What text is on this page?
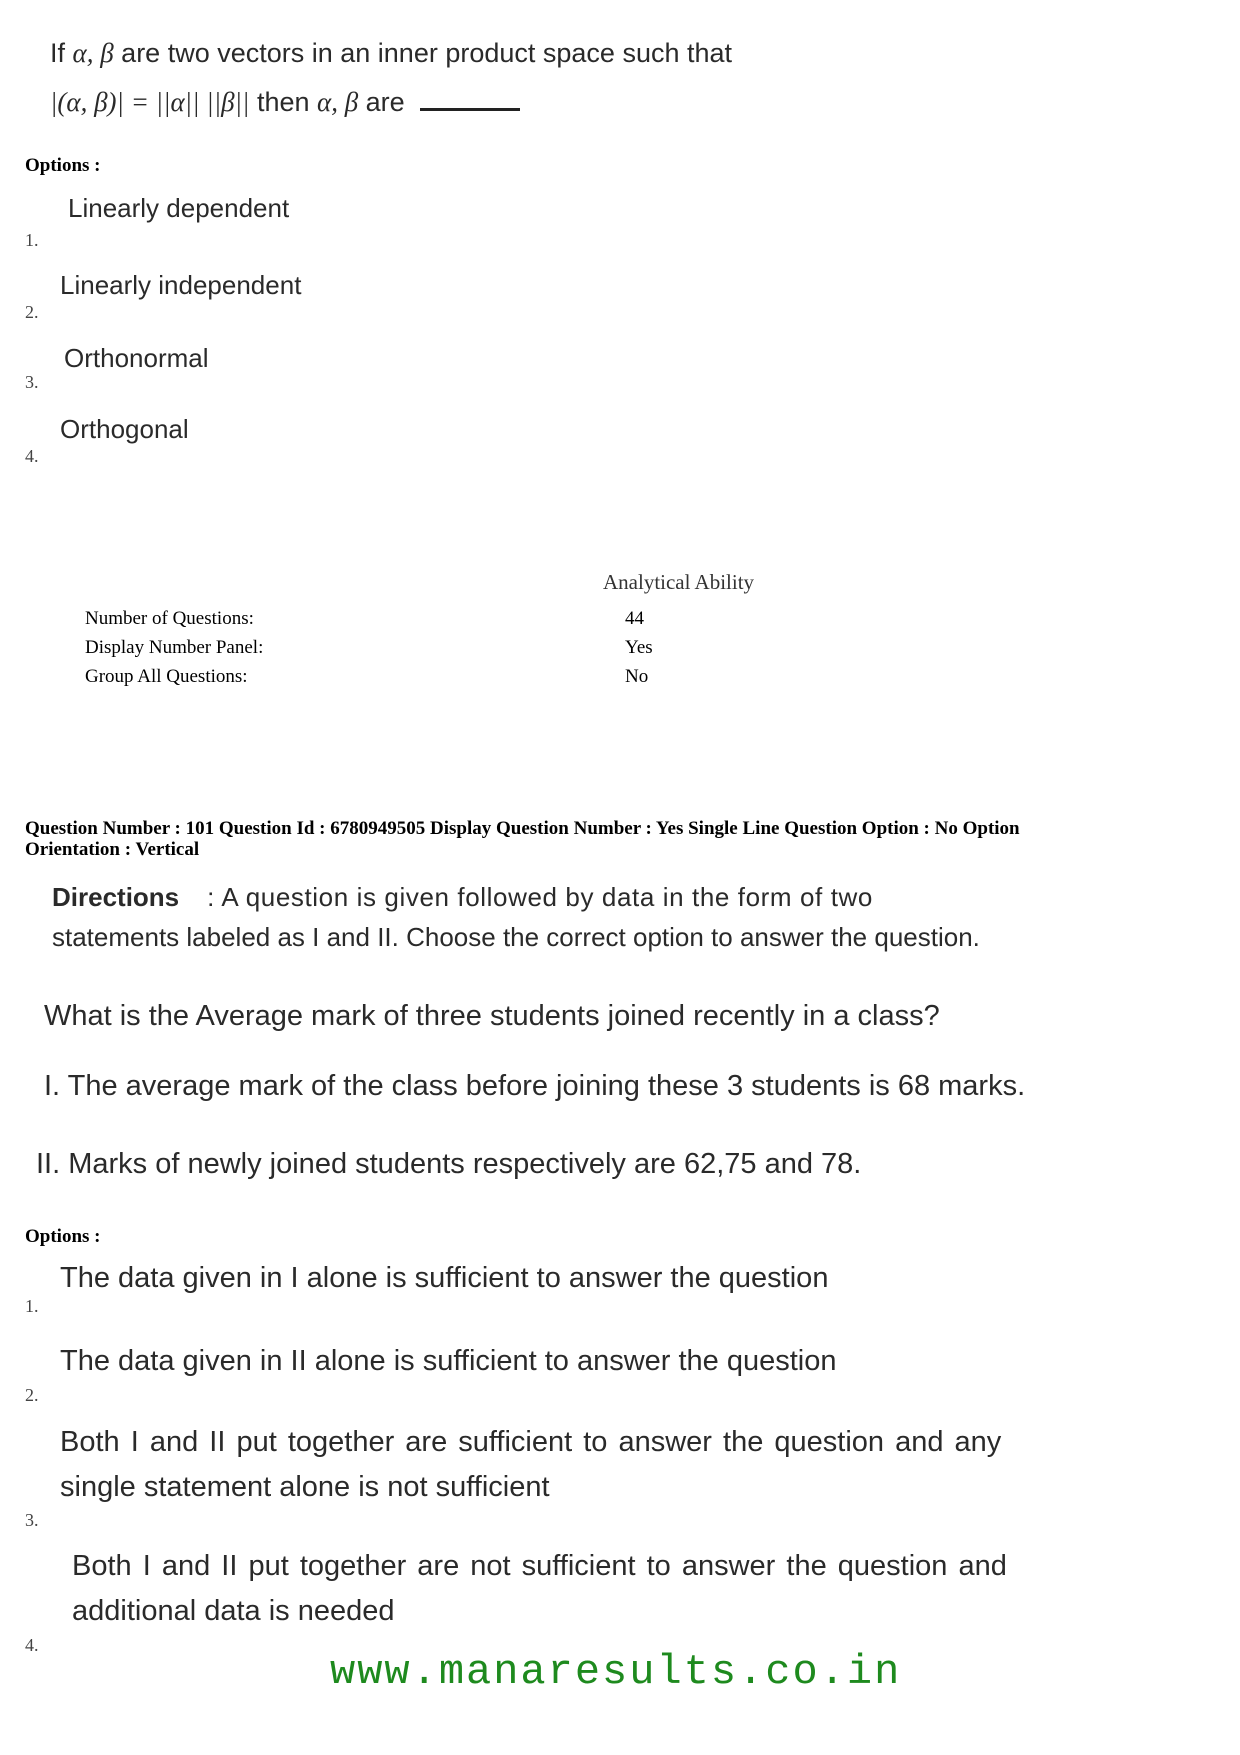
If α, β are two vectors in an inner product space such that
|(α, β)| = ||α|| ||β|| then α, β are
Options :
Linearly dependent
1.
Linearly independent
2.
Orthonormal
3.
Orthogonal
4.
Analytical Ability
Number of Questions:	44
Display Number Panel:	Yes
Group All Questions:	No
Question Number : 101 Question Id : 6780949505 Display Question Number : Yes Single Line Question Option : No Option
Orientation : Vertical
Directions : A question is given followed by data in the form of two
statements labeled as I and II. Choose the correct option to answer the question.
What is the Average mark of three students joined recently in a class?
I. The average mark of the class before joining these 3 students is 68 marks.
II. Marks of newly joined students respectively are 62,75 and 78.
Options :
The data given in I alone is sufficient to answer the question
1.
The data given in II alone is sufficient to answer the question
2.
Both I and II put together are sufficient to answer the question and any
single statement alone is not sufficient
3.
Both I and II put together are not sufficient to answer the question and
additional data is needed
4.
www.manaresults.co.in
